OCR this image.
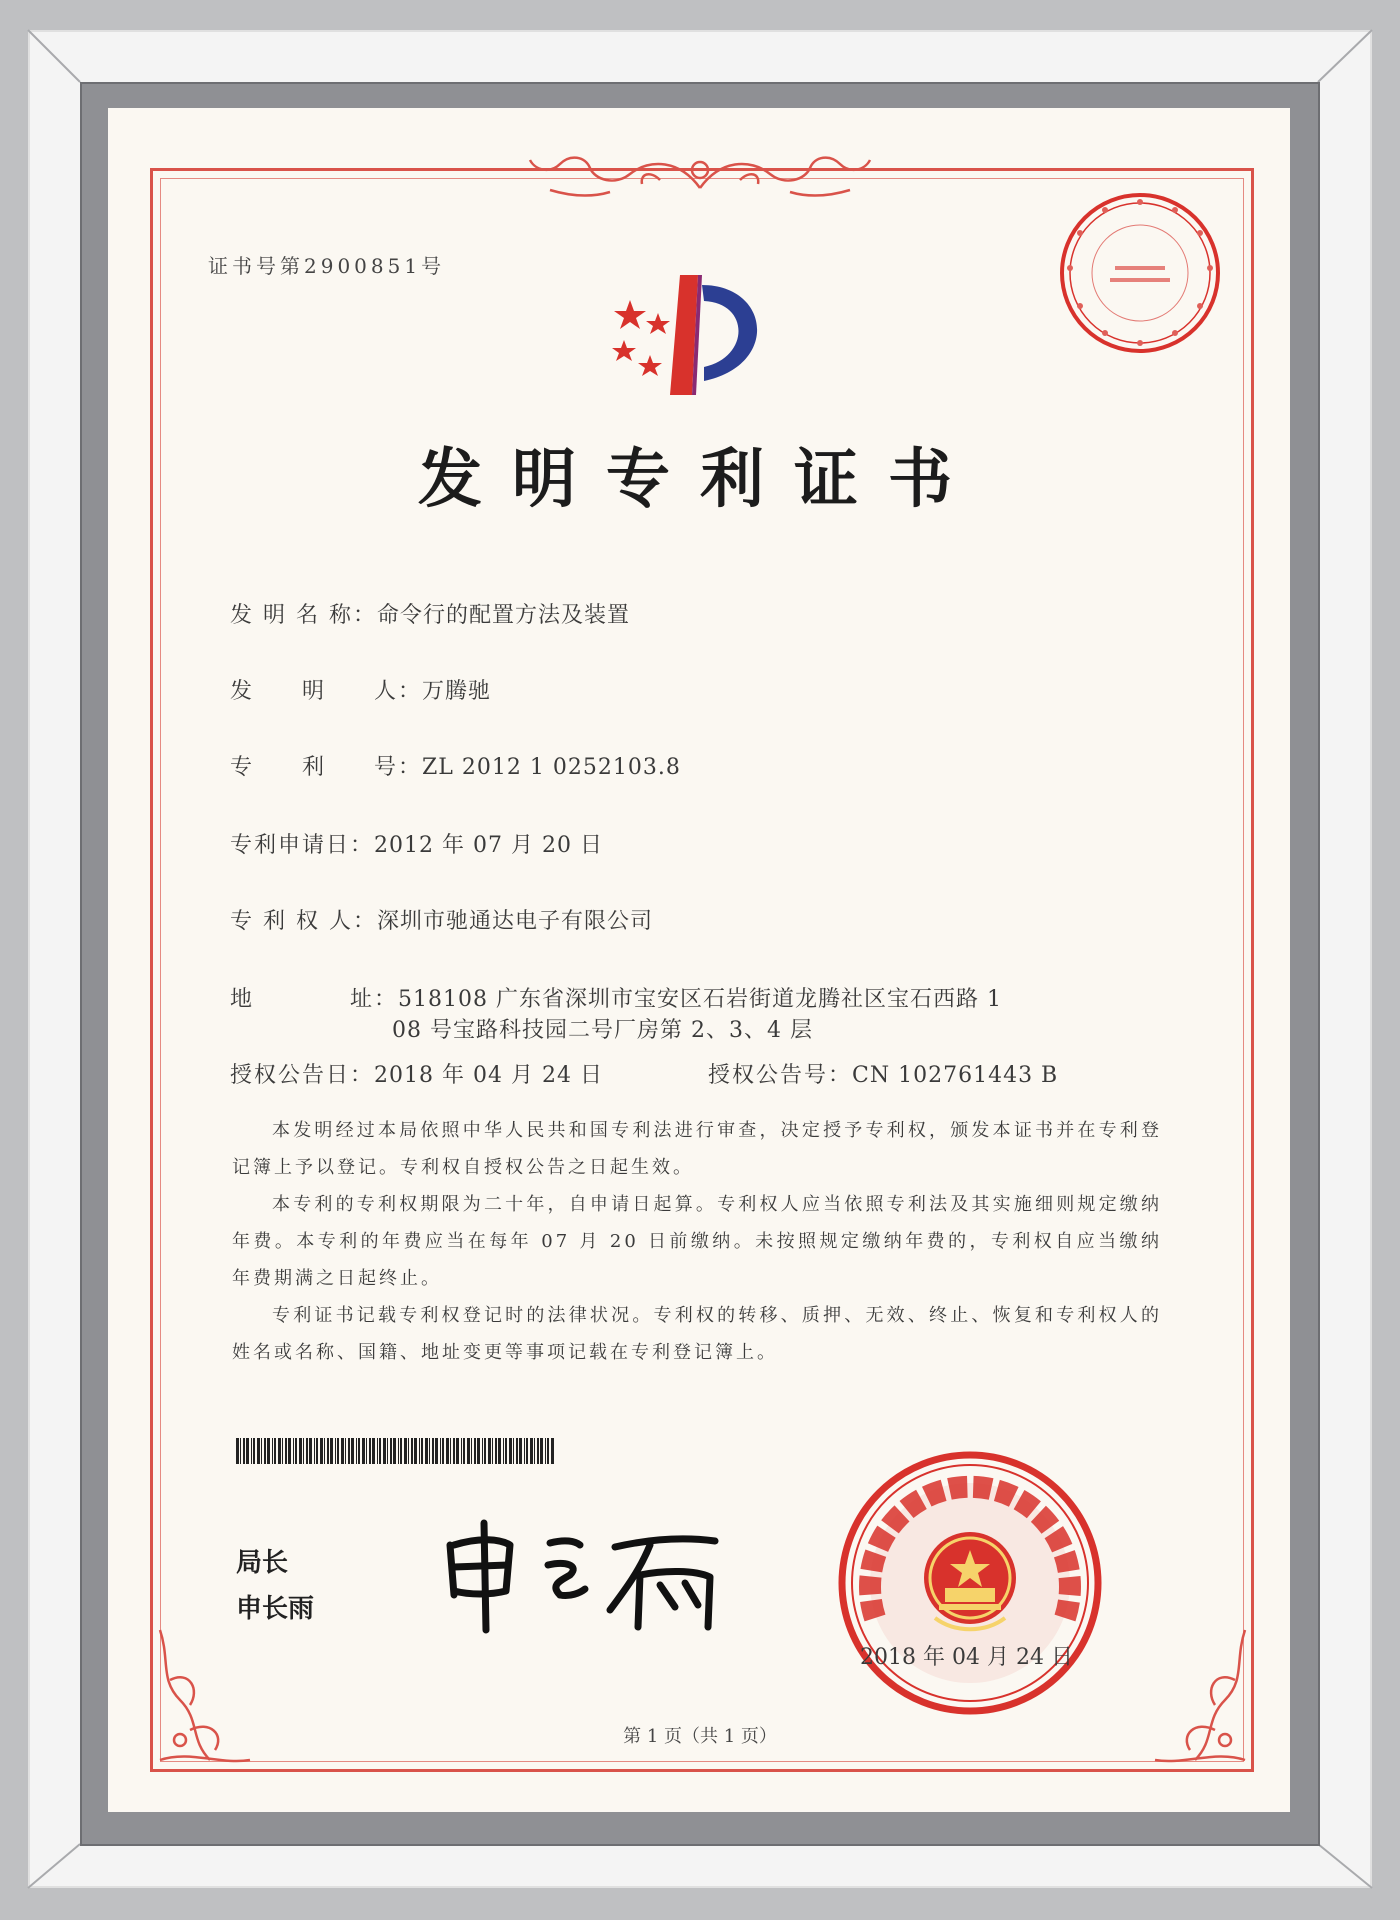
证书号第2900851号
发明专利证书
发 明 名 称：命令行的配置方法及装置
发　　明　　人：万腾驰
专　　利　　号：ZL 2012 1 0252103.8
专利申请日：2012 年 07 月 20 日
专 利 权 人：深圳市驰通达电子有限公司
地　　　　址：518108 广东省深圳市宝安区石岩街道龙腾社区宝石西路 1
08 号宝路科技园二号厂房第 2、3、4 层
授权公告日：2018 年 04 月 24 日	授权公告号：CN 102761443 B
本发明经过本局依照中华人民共和国专利法进行审查，决定授予专利权，颁发本证书并在专利登记簿上予以登记。专利权自授权公告之日起生效。
本专利的专利权期限为二十年，自申请日起算。专利权人应当依照专利法及其实施细则规定缴纳年费。本专利的年费应当在每年 07 月 20 日前缴纳。未按照规定缴纳年费的，专利权自应当缴纳年费期满之日起终止。
专利证书记载专利权登记时的法律状况。专利权的转移、质押、无效、终止、恢复和专利权人的姓名或名称、国籍、地址变更等事项记载在专利登记簿上。
局长
申长雨
2018 年 04 月 24 日
第 1 页（共 1 页）
